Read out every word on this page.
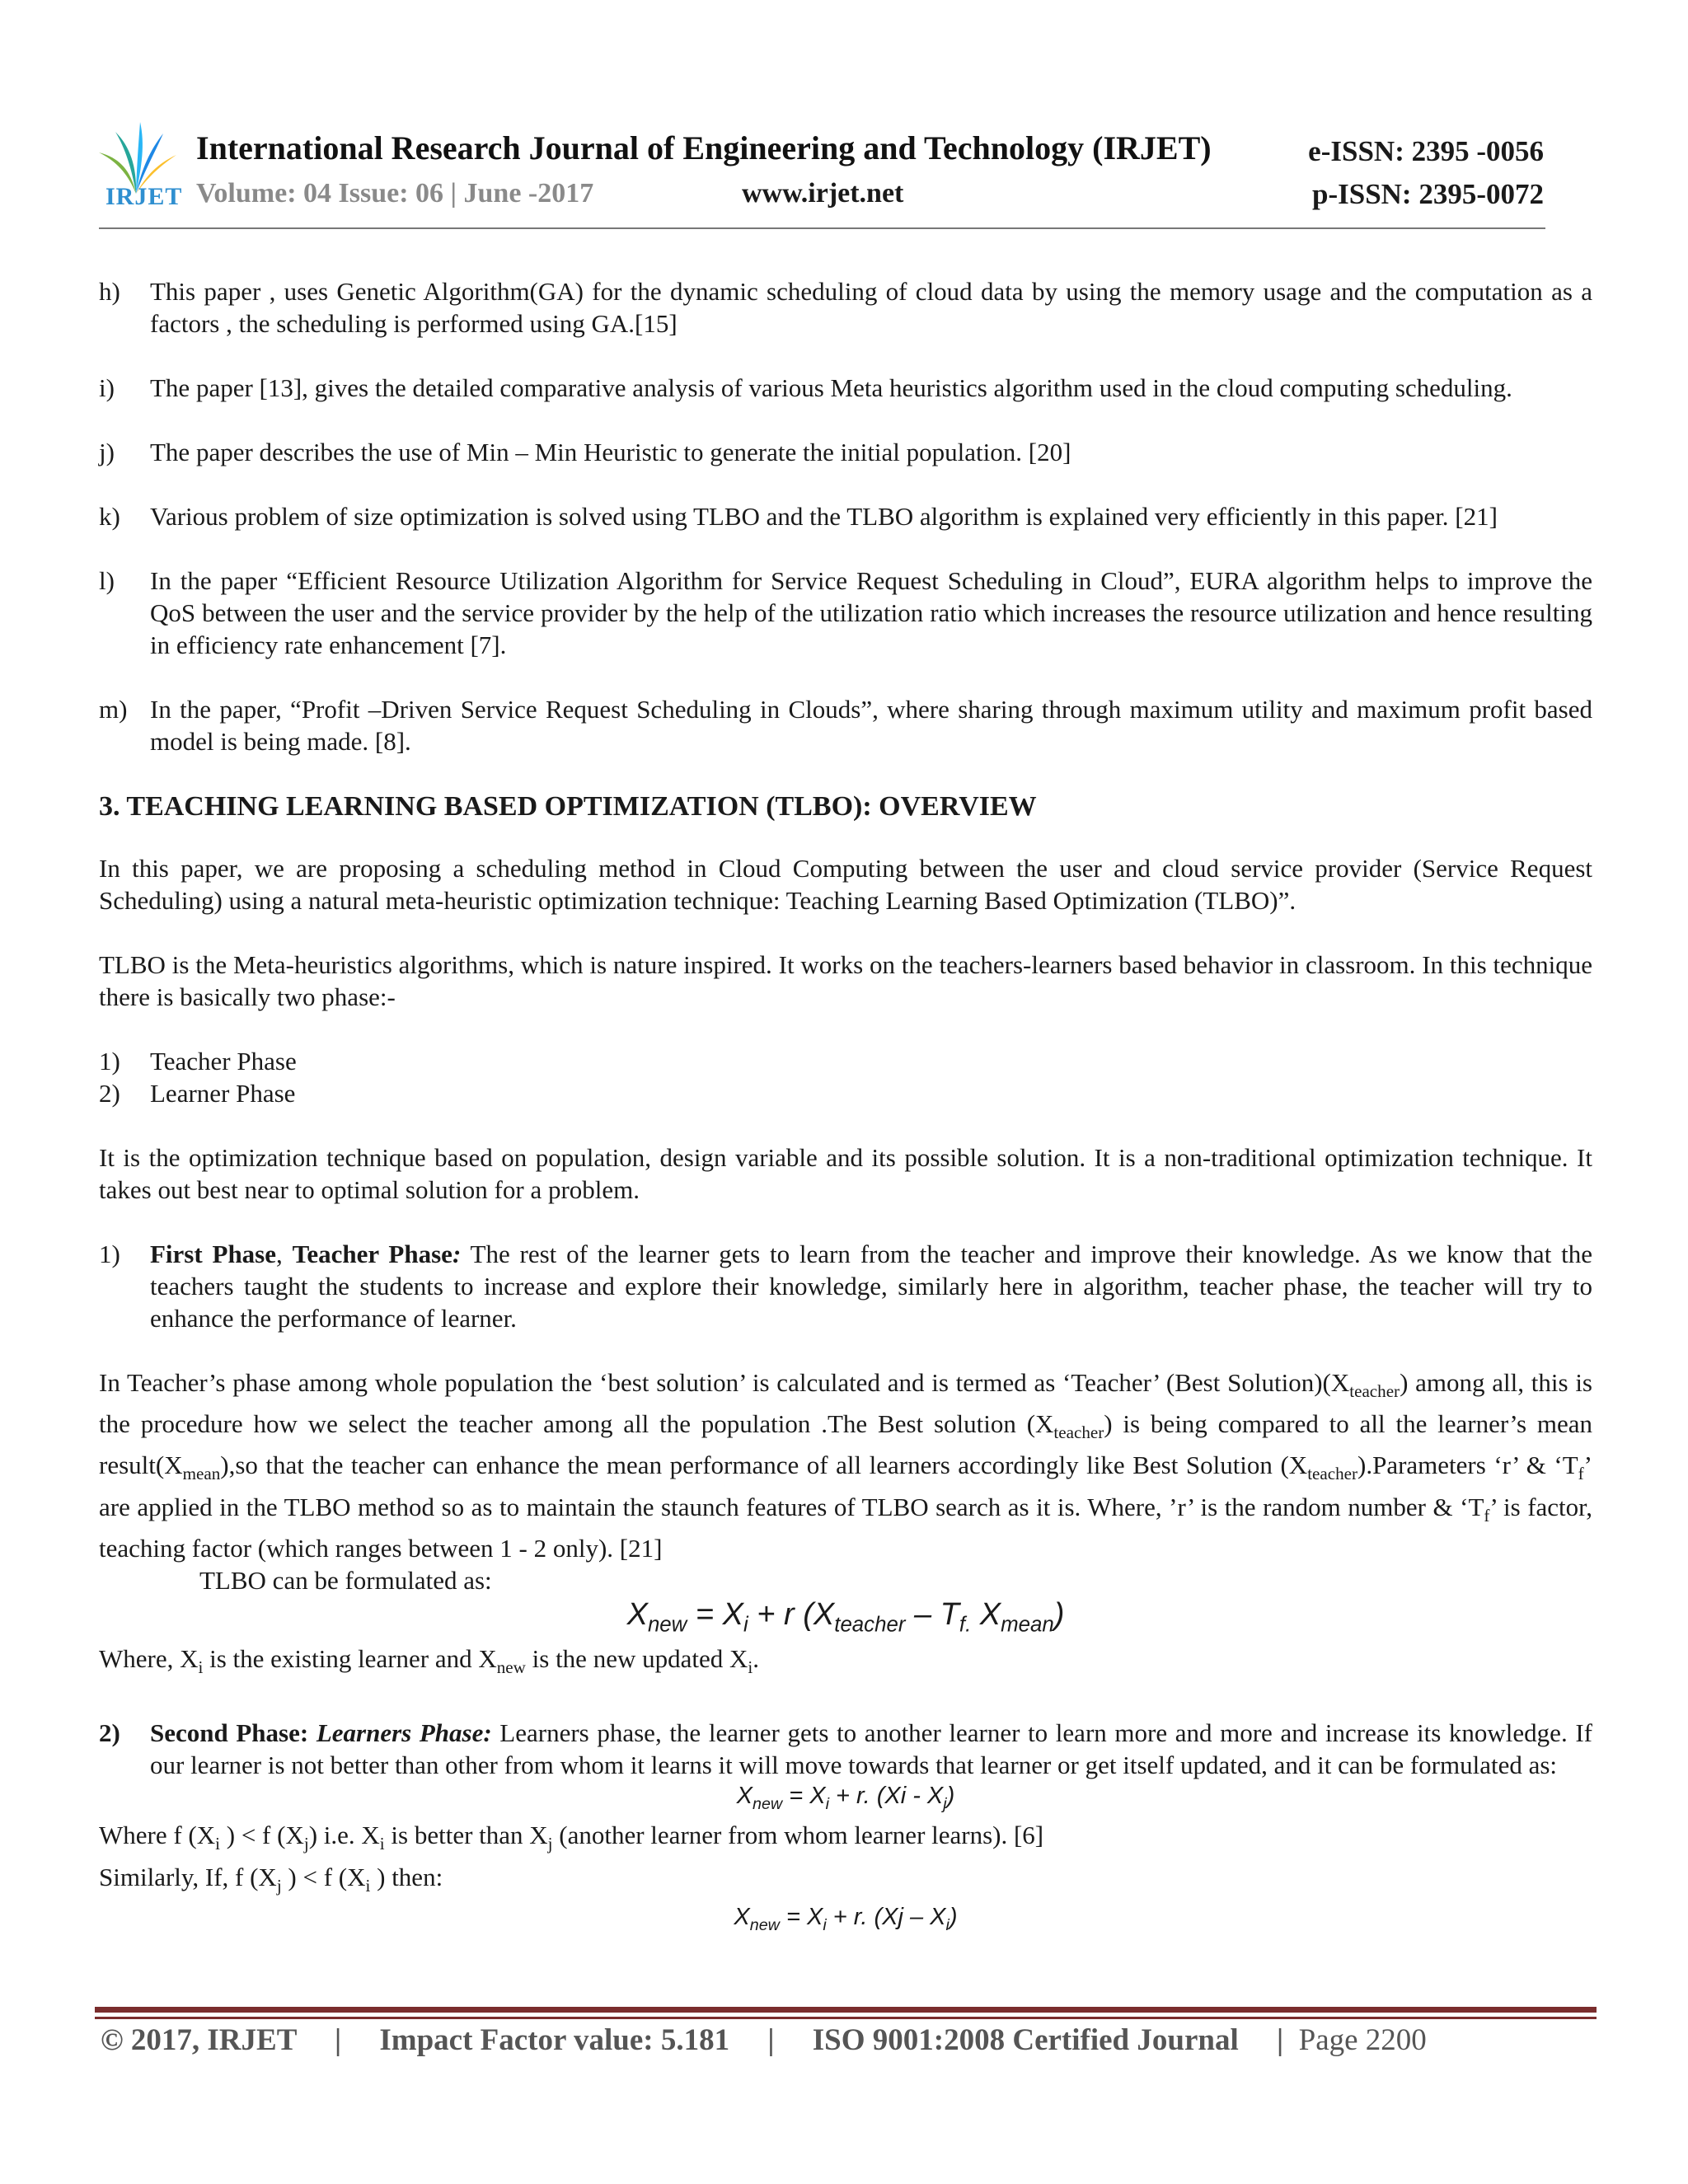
IRJET
International Research Journal of Engineering and Technology (IRJET)	e-ISSN: 2395 -0056
Volume: 04 Issue: 06 | June -2017	www.irjet.net	p-ISSN: 2395-0072
h)	This paper , uses Genetic Algorithm(GA) for the dynamic scheduling of cloud data by using the memory usage and the computation as a factors , the scheduling is performed using GA.[15]
i)	The paper [13], gives the detailed comparative analysis of various Meta heuristics algorithm used in the cloud computing scheduling.
j)	The paper describes the use of Min – Min Heuristic to generate the initial population. [20]
k)	Various problem of size optimization is solved using TLBO and the TLBO algorithm is explained very efficiently in this paper. [21]
l)	In the paper “Efficient Resource Utilization Algorithm for Service Request Scheduling in Cloud”, EURA algorithm helps to improve the QoS between the user and the service provider by the help of the utilization ratio which increases the resource utilization and hence resulting in efficiency rate enhancement [7].
m) In the paper, “Profit –Driven Service Request Scheduling in Clouds”, where sharing through maximum utility and maximum profit based model is being made. [8].
3. TEACHING LEARNING BASED OPTIMIZATION (TLBO): OVERVIEW

In this paper, we are proposing a scheduling method in Cloud Computing between the user and cloud service provider (Service Request Scheduling) using a natural meta-heuristic optimization technique: Teaching Learning Based Optimization (TLBO)”.

TLBO is the Meta-heuristics algorithms, which is nature inspired. It works on the teachers-learners based behavior in classroom. In this technique there is basically two phase:-

1)	Teacher Phase
2)	Learner Phase

It is the optimization technique based on population, design variable and its possible solution. It is a non-traditional optimization technique. It takes out best near to optimal solution for a problem.

1)	First Phase, Teacher Phase: The rest of the learner gets to learn from the teacher and improve their knowledge. As we know that the teachers taught the students to increase and explore their knowledge, similarly here in algorithm, teacher phase, the teacher will try to enhance the performance of learner.

In Teacher’s phase among whole population the ‘best solution’ is calculated and is termed as ‘Teacher’ (Best $Solution)(X_{teacher})$ among all, this is the procedure how we select the teacher among all the population .The Best solution $(X_{teacher})$ is being compared to all the learner’s mean $result(X_{mean}),so$ that the teacher can enhance the mean performance of all learners accordingly like Best Solution $(X_{teacher}).Parameters$ ‘r’ & ‘$T_f$’ are applied in the TLBO method so as to maintain the staunch features of TLBO search as it is. Where, ’r’ is the random number & ‘$T_f$’ is factor, teaching factor (which ranges between 1 - 2 only). [21]

TLBO can be formulated as:
$X_{new} = X_i + r$ ($X_{teacher} - T_{f.}$ $X_{mean}$)
Where, $X_i$ is the existing learner and $X_{new}$ is the new updated $X_i$.
2)	Second Phase: Learners Phase: Learners phase, the learner gets to another learner to learn more and more and increase its knowledge. If our learner is not better than other from whom it learns it will move towards that learner or get itself updated, and it can be formulated as:
$X_{new} = X_i + r$. $(Xi - X_j)$
Where f ($X_i$ ) < f $(X_j)$ i.e. $X_i$ is better than $X_j$ (another learner from whom learner learns). [6]
Similarly, If, f ($X_j$ ) < f ($X_i$ ) then:
$X_{new} = X_i + r$. $(Xj - X_i)$
© 2017, IRJET     |     Impact Factor value: 5.181     |     ISO 9001:2008 Certified Journal     |  Page 2200
